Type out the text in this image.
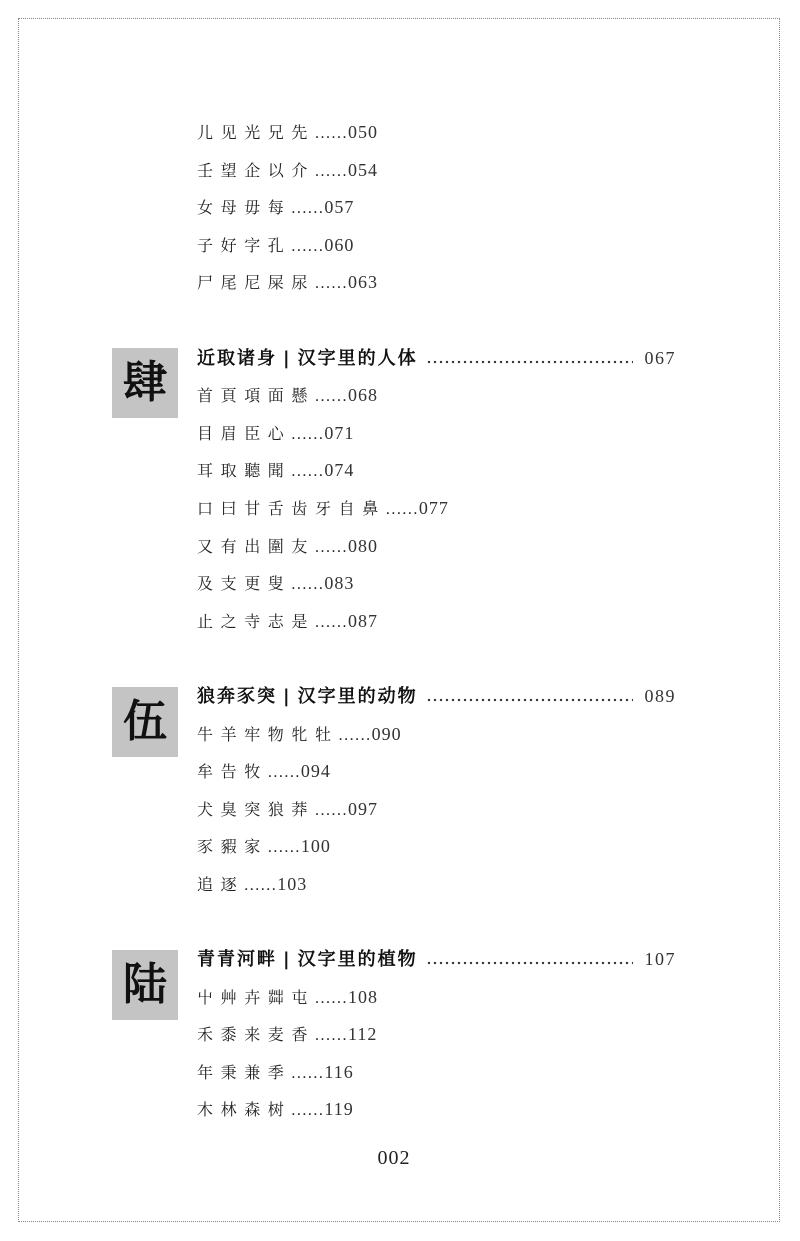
儿见光兄先......050
壬望企以介......054
女母毋每......057
子好字孔......060
尸尾尼屎尿......063
肆 近取诸身 | 汉字里的人体	067
首頁項面懸......068
目眉臣心......071
耳取聽聞......074
口曰甘舌齿牙自鼻......077
又有出圍友......080
及支更叟......083
止之寺志是......087
伍 狼奔豕突 | 汉字里的动物	089
牛羊牢物牝牡......090
牟告牧......094
犬臭突狼莽......097
豕豭家......100
追逐......103
陆 青青河畔 | 汉字里的植物	107
屮艸卉茻屯......108
禾黍来麦香......112
年秉兼季......116
木林森树......119
002
